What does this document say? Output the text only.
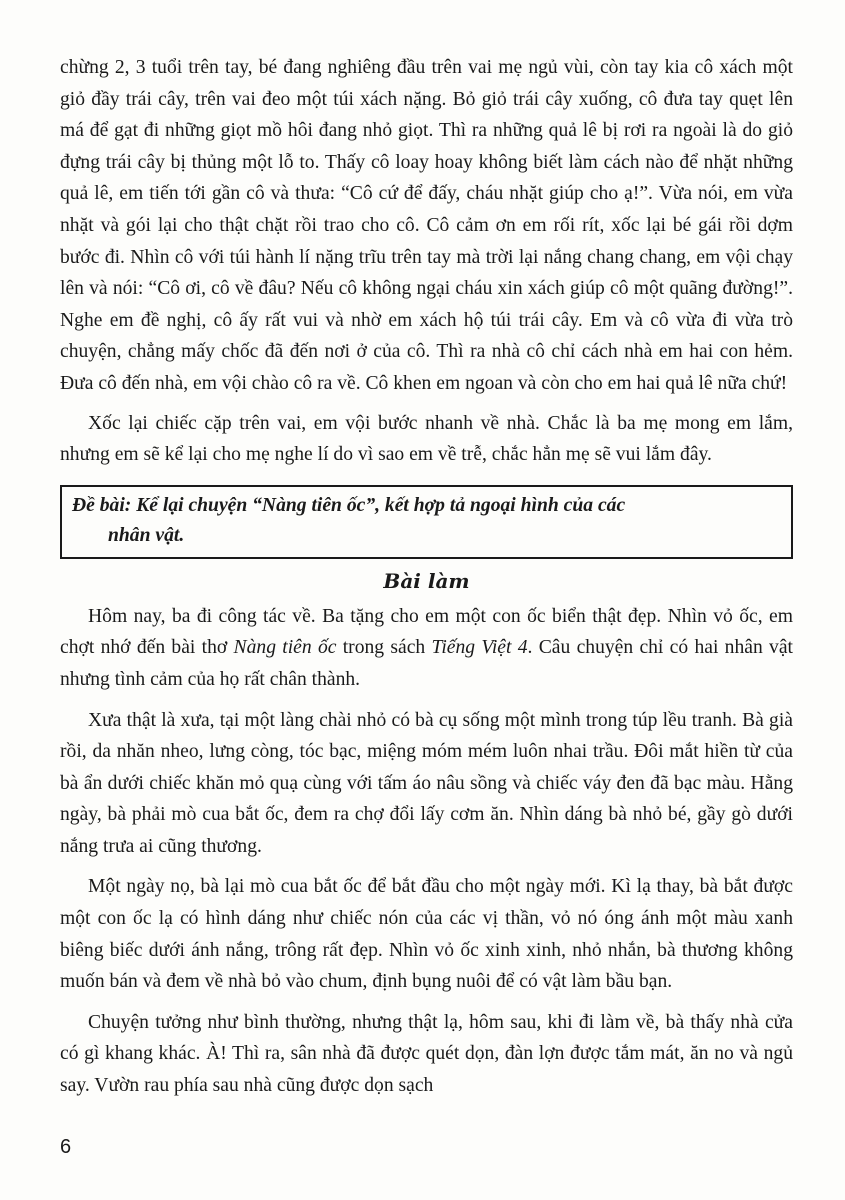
chừng 2, 3 tuổi trên tay, bé đang nghiêng đầu trên vai mẹ ngủ vùi, còn tay kia cô xách một giỏ đầy trái cây, trên vai đeo một túi xách nặng. Bỏ giỏ trái cây xuống, cô đưa tay quẹt lên má để gạt đi những giọt mồ hôi đang nhỏ giọt. Thì ra những quả lê bị rơi ra ngoài là do giỏ đựng trái cây bị thủng một lỗ to. Thấy cô loay hoay không biết làm cách nào để nhặt những quả lê, em tiến tới gần cô và thưa: “Cô cứ để đấy, cháu nhặt giúp cho ạ!”. Vừa nói, em vừa nhặt và gói lại cho thật chặt rồi trao cho cô. Cô cảm ơn em rối rít, xốc lại bé gái rồi dợm bước đi. Nhìn cô với túi hành lí nặng trĩu trên tay mà trời lại nắng chang chang, em vội chạy lên và nói: “Cô ơi, cô về đâu? Nếu cô không ngại cháu xin xách giúp cô một quãng đường!”. Nghe em đề nghị, cô ấy rất vui và nhờ em xách hộ túi trái cây. Em và cô vừa đi vừa trò chuyện, chẳng mấy chốc đã đến nơi ở của cô. Thì ra nhà cô chỉ cách nhà em hai con hẻm. Đưa cô đến nhà, em vội chào cô ra về. Cô khen em ngoan và còn cho em hai quả lê nữa chứ!

Xốc lại chiếc cặp trên vai, em vội bước nhanh về nhà. Chắc là ba mẹ mong em lắm, nhưng em sẽ kể lại cho mẹ nghe lí do vì sao em về trễ, chắc hẳn mẹ sẽ vui lắm đây.

Đề bài: Kể lại chuyện “Nàng tiên ốc”, kết hợp tả ngoại hình của các

nhân vật.

Bài làm

Hôm nay, ba đi công tác về. Ba tặng cho em một con ốc biển thật đẹp. Nhìn vỏ ốc, em chợt nhớ đến bài thơ Nàng tiên ốc trong sách Tiếng Việt 4. Câu chuyện chỉ có hai nhân vật nhưng tình cảm của họ rất chân thành.

Xưa thật là xưa, tại một làng chài nhỏ có bà cụ sống một mình trong túp lều tranh. Bà già rồi, da nhăn nheo, lưng còng, tóc bạc, miệng móm mém luôn nhai trầu. Đôi mắt hiền từ của bà ẩn dưới chiếc khăn mỏ quạ cùng với tấm áo nâu sồng và chiếc váy đen đã bạc màu. Hằng ngày, bà phải mò cua bắt ốc, đem ra chợ đổi lấy cơm ăn. Nhìn dáng bà nhỏ bé, gầy gò dưới nắng trưa ai cũng thương.

Một ngày nọ, bà lại mò cua bắt ốc để bắt đầu cho một ngày mới. Kì lạ thay, bà bắt được một con ốc lạ có hình dáng như chiếc nón của các vị thần, vỏ nó óng ánh một màu xanh biêng biếc dưới ánh nắng, trông rất đẹp. Nhìn vỏ ốc xinh xinh, nhỏ nhắn, bà thương không muốn bán và đem về nhà bỏ vào chum, định bụng nuôi để có vật làm bầu bạn.

Chuyện tưởng như bình thường, nhưng thật lạ, hôm sau, khi đi làm về, bà thấy nhà cửa có gì khang khác. À! Thì ra, sân nhà đã được quét dọn, đàn lợn được tắm mát, ăn no và ngủ say. Vườn rau phía sau nhà cũng được dọn sạch

6
